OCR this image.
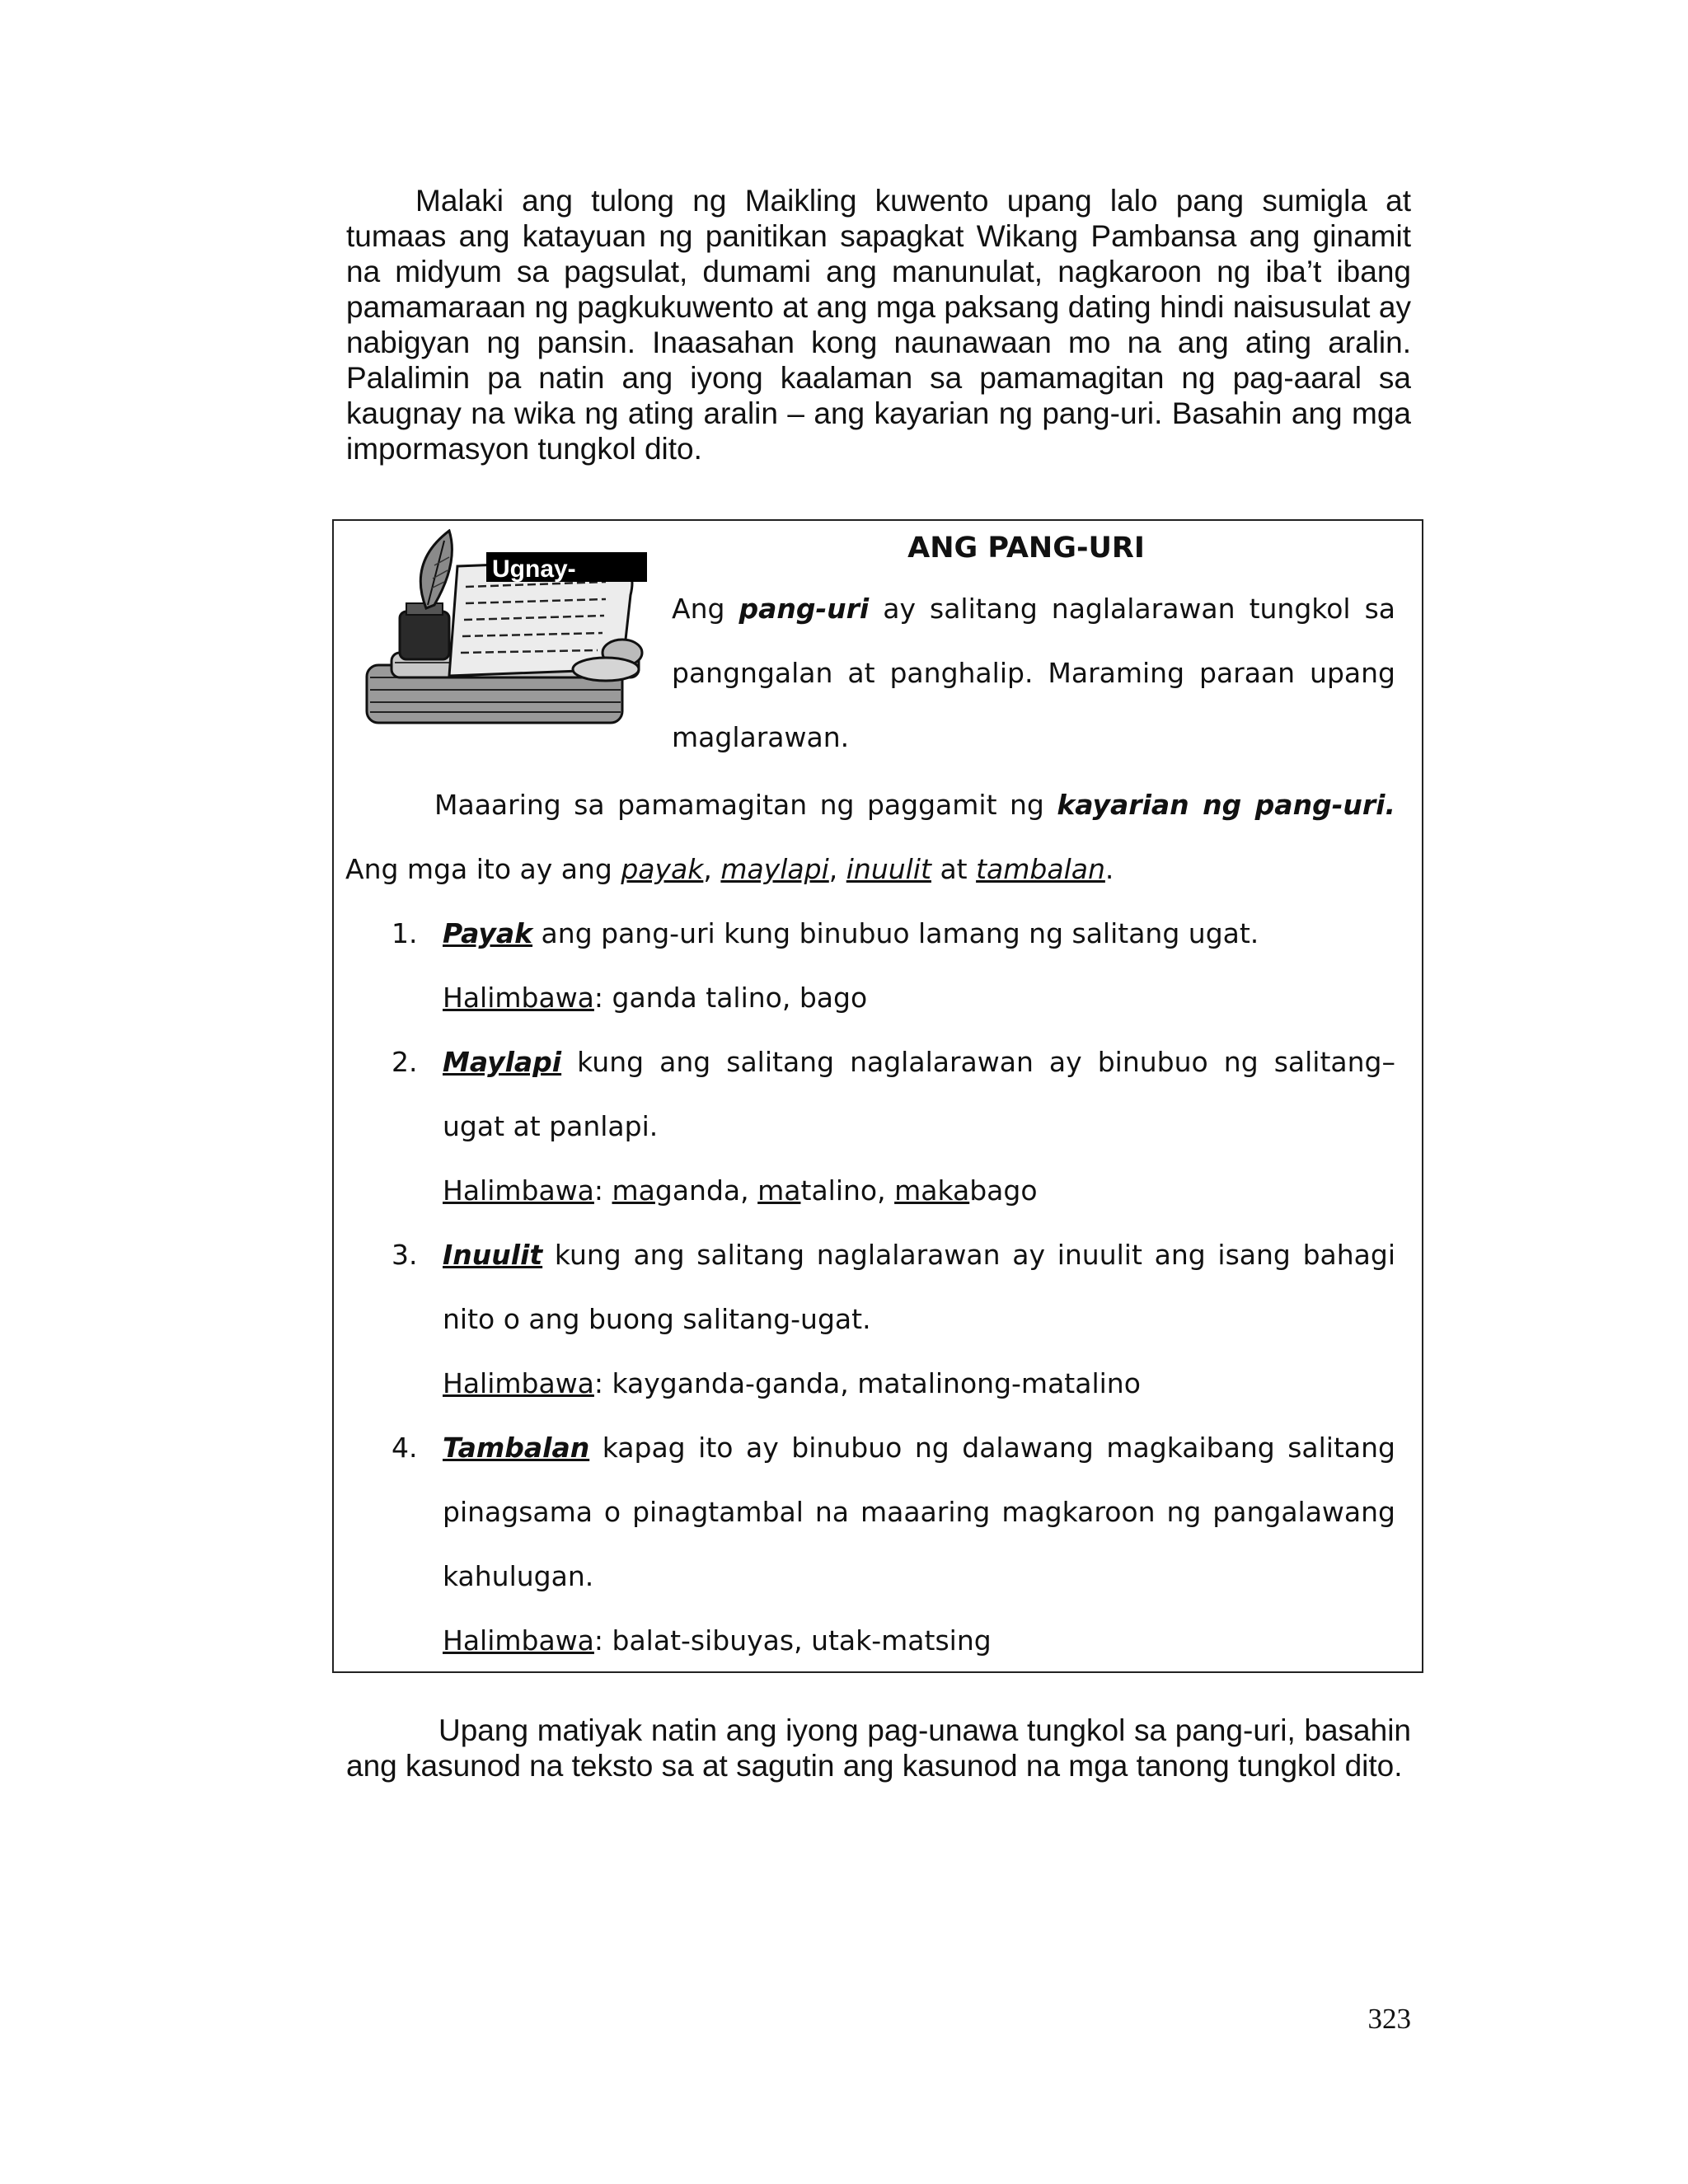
Malaki ang tulong ng Maikling kuwento upang lalo pang sumigla at tumaas ang katayuan ng panitikan sapagkat Wikang Pambansa ang ginamit na midyum sa pagsulat, dumami ang manunulat, nagkaroon ng iba’t ibang pamamaraan ng pagkukuwento at ang mga paksang dating hindi naisusulat ay nabigyan ng pansin. Inaasahan kong naunawaan mo na ang ating aralin. Palalimin pa natin ang iyong kaalaman sa pamamagitan ng pag-aaral sa kaugnay na wika ng ating aralin – ang kayarian ng pang-uri. Basahin ang mga impormasyon tungkol dito.

Ugnay-
ANG PANG-URI

Ang pang-uri ay salitang naglalarawan tungkol sa pangngalan at panghalip. Maraming paraan upang maglarawan.

Maaaring sa pamamagitan ng paggamit ng kayarian ng pang-uri. Ang mga ito ay ang payak, maylapi, inuulit at tambalan.

1. Payak ang pang-uri kung binubuo lamang ng salitang ugat.

Halimbawa: ganda talino, bago

2. Maylapi kung ang salitang naglalarawan ay binubuo ng salitang–ugat at panlapi.

Halimbawa: maganda, matalino, makabago

3. Inuulit kung ang salitang naglalarawan ay inuulit ang isang bahagi nito o ang buong salitang-ugat.

Halimbawa: kayganda-ganda, matalinong-matalino

4. Tambalan kapag ito ay binubuo ng dalawang magkaibang salitang pinagsama o pinagtambal na maaaring magkaroon ng pangalawang kahulugan.

Halimbawa: balat-sibuyas, utak-matsing

Upang matiyak natin ang iyong pag-unawa tungkol sa pang-uri, basahin ang kasunod na teksto sa at sagutin ang kasunod na mga tanong tungkol dito.

323
